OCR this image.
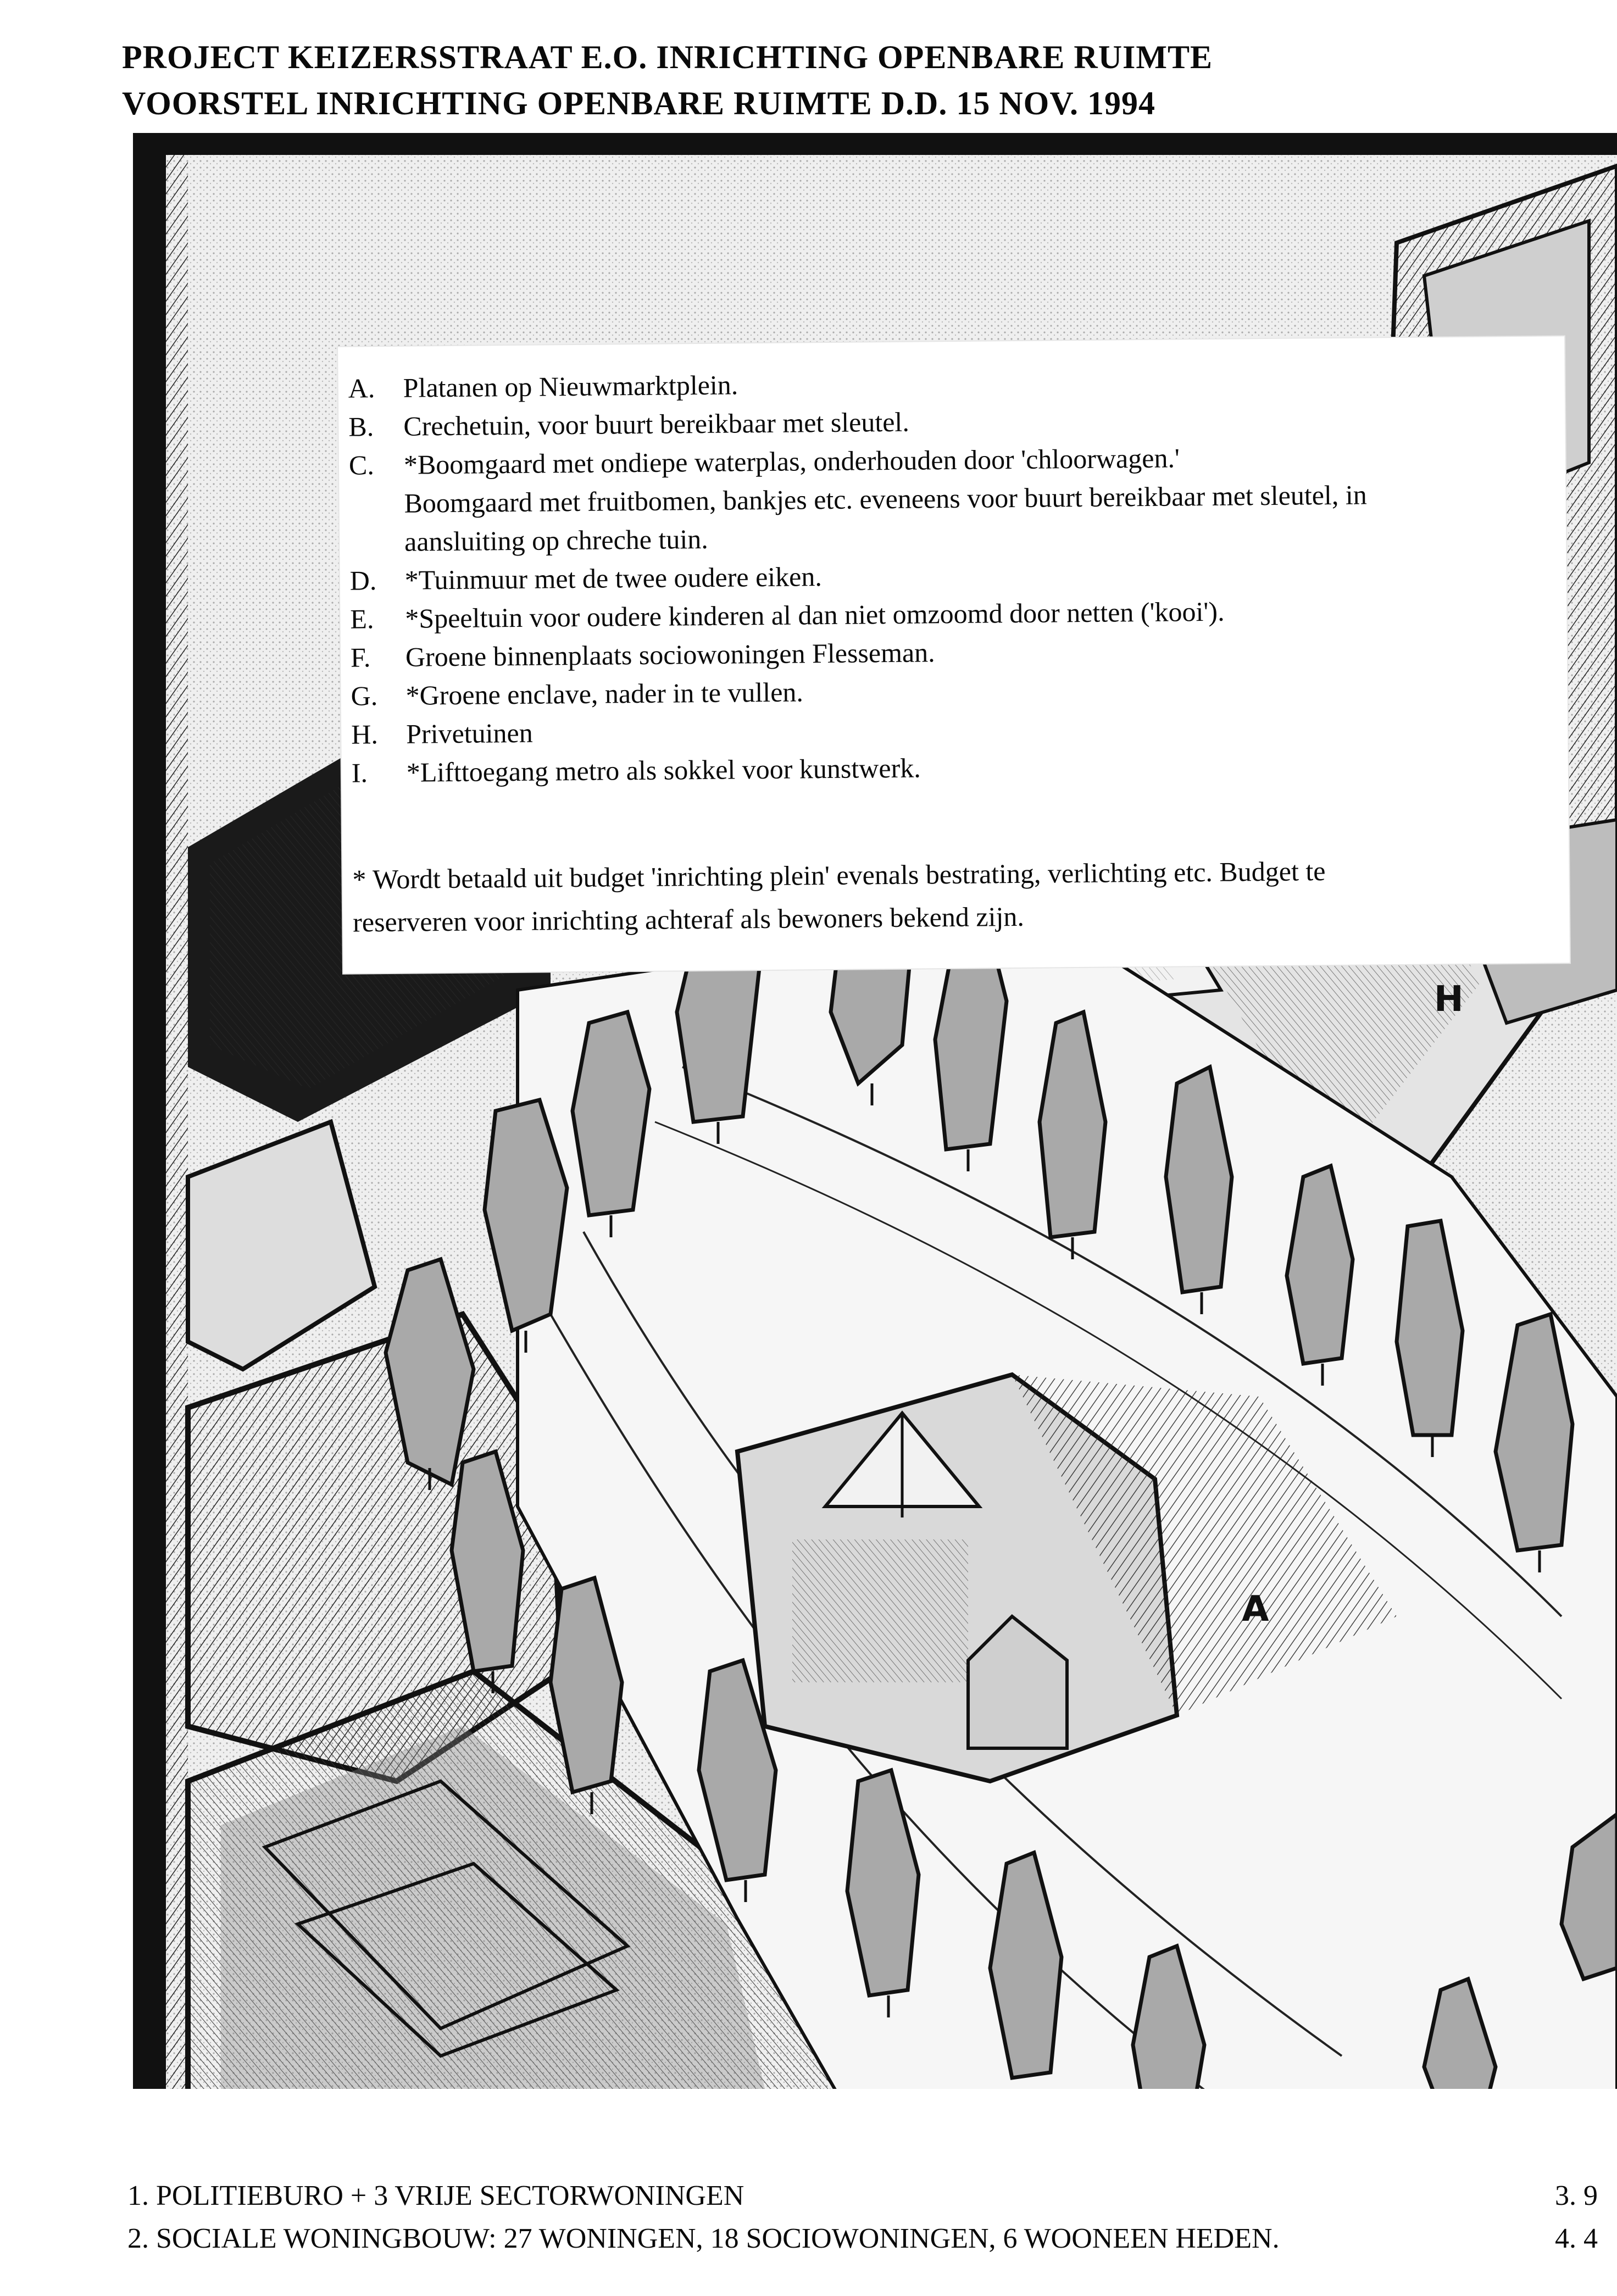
PROJECT KEIZERSSTRAAT E.O. INRICHTING OPENBARE RUIMTE
VOORSTEL INRICHTING OPENBARE RUIMTE D.D. 15 NOV. 1994
A. Platanen op Nieuwmarktplein.
B. Crechetuin, voor buurt bereikbaar met sleutel.
C. *Boomgaard met ondiepe waterplas, onderhouden door 'chloorwagen.'
Boomgaard met fruitbomen, bankjes etc. eveneens voor buurt bereikbaar met sleutel, in
aansluiting op chreche tuin.
D. *Tuinmuur met de twee oudere eiken.
E. *Speeltuin voor oudere kinderen al dan niet omzoomd door netten ('kooi').
F. Groene binnenplaats sociowoningen Flesseman.
G. *Groene enclave, nader in te vullen.
H. Privetuinen
I. *Lifttoegang metro als sokkel voor kunstwerk.
* Wordt betaald uit budget 'inrichting plein' evenals bestrating, verlichting etc. Budget te
reserveren voor inrichting achteraf als bewoners bekend zijn.
H
A
1. POLITIEBURO + 3 VRIJE SECTORWONINGEN
2. SOCIALE WONINGBOUW: 27 WONINGEN, 18 SOCIOWONINGEN, 6 WOONEEN HEDEN.
3. 9
4. 4
